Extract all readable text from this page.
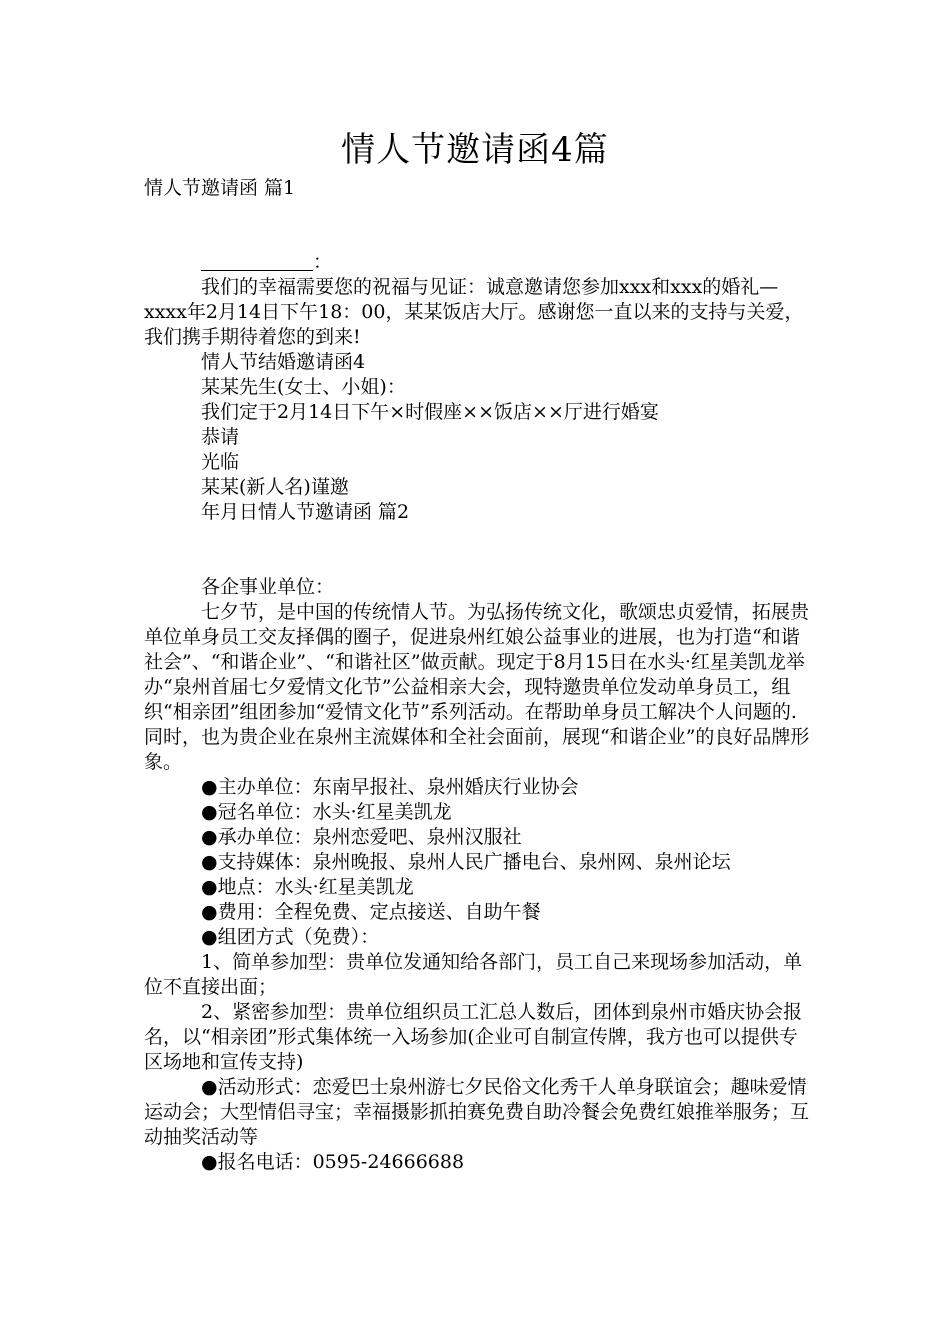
情人节邀请函4篇
情人节邀请函 篇1

：

我们的幸福需要您的祝福与见证：诚意邀请您参加xxx和xxx的婚礼—xxxx年2月14日下午18：00，某某饭店大厅。感谢您一直以来的支持与关爱，我们携手期待着您的到来!

情人节结婚邀请函4

某某先生(女士、小姐)：

我们定于2月14日下午×时假座××饭店××厅进行婚宴

恭请

光临

某某(新人名)谨邀

年月日情人节邀请函 篇2

各企事业单位：

七夕节，是中国的传统情人节。为弘扬传统文化，歌颂忠贞爱情，拓展贵单位单身员工交友择偶的圈子，促进泉州红娘公益事业的进展，也为打造“和谐社会”、“和谐企业”、“和谐社区”做贡献。现定于8月15日在水头·红星美凯龙举办“泉州首届七夕爱情文化节”公益相亲大会，现特邀贵单位发动单身员工，组织“相亲团”组团参加“爱情文化节”系列活动。在帮助单身员工解决个人问题的.同时，也为贵企业在泉州主流媒体和全社会面前，展现“和谐企业”的良好品牌形象。

●主办单位：东南早报社、泉州婚庆行业协会

●冠名单位：水头·红星美凯龙

●承办单位：泉州恋爱吧、泉州汉服社

●支持媒体：泉州晚报、泉州人民广播电台、泉州网、泉州论坛

●地点：水头·红星美凯龙

●费用：全程免费、定点接送、自助午餐

●组团方式（免费）：

1、简单参加型：贵单位发通知给各部门，员工自己来现场参加活动，单位不直接出面；

2、紧密参加型：贵单位组织员工汇总人数后，团体到泉州市婚庆协会报名，以“相亲团”形式集体统一入场参加(企业可自制宣传牌，我方也可以提供专区场地和宣传支持)

●活动形式：恋爱巴士泉州游七夕民俗文化秀千人单身联谊会；趣味爱情运动会；大型情侣寻宝；幸福摄影抓拍赛免费自助冷餐会免费红娘推举服务；互动抽奖活动等

●报名电话：0595-24666688
